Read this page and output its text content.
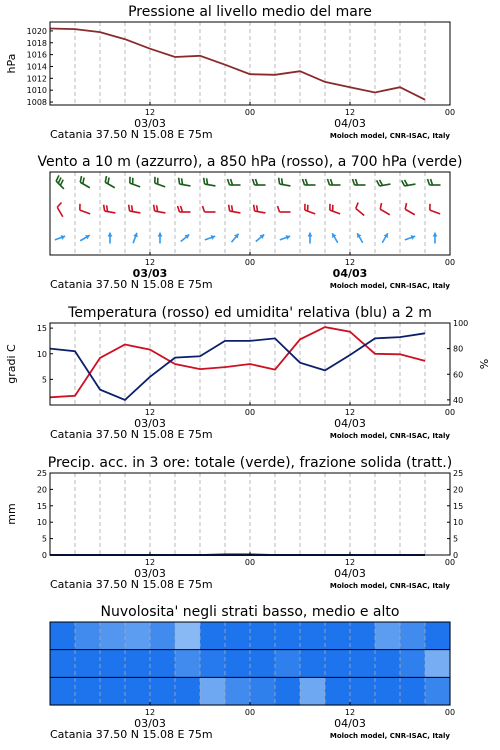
Pressione al livello medio del mare
1008
1010
1012
1014
1016
1018
1020
hPa
12	00	12	00
03/03	04/03
Catania 37.50 N 15.08 E 75m	Moloch model, CNR-ISAC, Italy
Vento a 10 m (azzurro), a 850 hPa (rosso), a 700 hPa (verde)
12	00	12	00
03/03	04/03
Catania 37.50 N 15.08 E 75m	Moloch model, CNR-ISAC, Italy
Temperatura (rosso) ed umidita' relativa (blu) a 2 m
5
10
15
40
60
80
100
gradi C	%
12	00	12	00
03/03	04/03
Catania 37.50 N 15.08 E 75m	Moloch model, CNR-ISAC, Italy
Precip. acc. in 3 ore: totale (verde), frazione solida (tratt.)
0	0
5	5
10	10
15	15
20	20
25	25
mm
12	00	12	00
03/03	04/03
Catania 37.50 N 15.08 E 75m	Moloch model, CNR-ISAC, Italy
Nuvolosita' negli strati basso, medio e alto
12	00	12	00
03/03	04/03
Catania 37.50 N 15.08 E 75m	Moloch model, CNR-ISAC, Italy
